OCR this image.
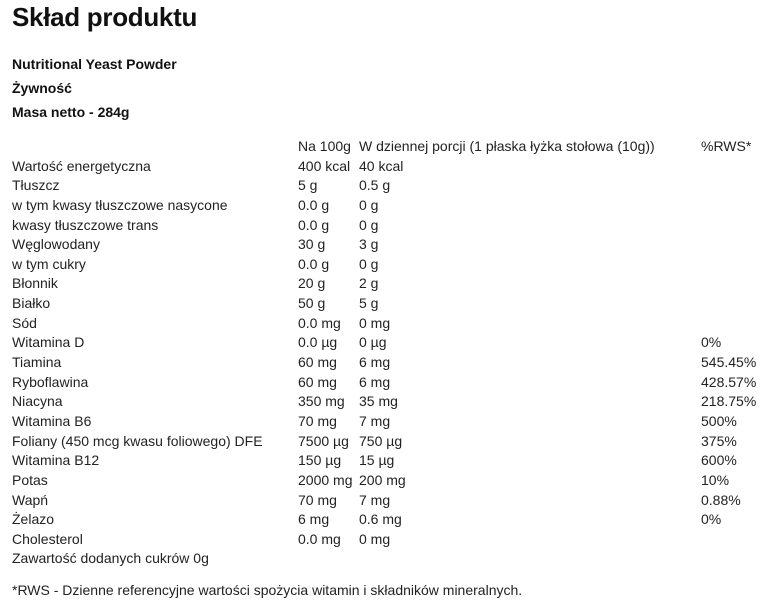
Skład produktu
Nutritional Yeast Powder
Żywność
Masa netto - 284g
Na 100g W dziennej porcji (1 płaska łyżka stołowa (10g))	%RWS*
Wartość energetyczna	400 kcal 40 kcal
Tłuszcz	5 g	0.5 g
w tym kwasy tłuszczowe nasycone	0.0 g 0 g
kwasy tłuszczowe trans	0.0 g 0 g
Węglowodany	30 g 3 g
w tym cukry	0.0 g 0 g
Błonnik	20 g 2 g
Białko	50 g 5 g
Sód	0.0 mg 0 mg
Witamina D	0.0 µg 0 µg	0%
Tiamina	60 mg 6 mg	545.45%
Ryboflawina	60 mg 6 mg	428.57%
Niacyna	350 mg 35 mg	218.75%
Witamina B6	70 mg 7 mg	500%
Foliany (450 mcg kwasu foliowego) DFE	7500 µg 750 µg	375%
Witamina B12	150 µg 15 µg	600%
Potas	2000 mg 200 mg	10%
Wapń	70 mg 7 mg	0.88%
Żelazo	6 mg 0.6 mg	0%
Cholesterol	0.0 mg 0 mg
Zawartość dodanych cukrów 0g
*RWS - Dzienne referencyjne wartości spożycia witamin i składników mineralnych.
